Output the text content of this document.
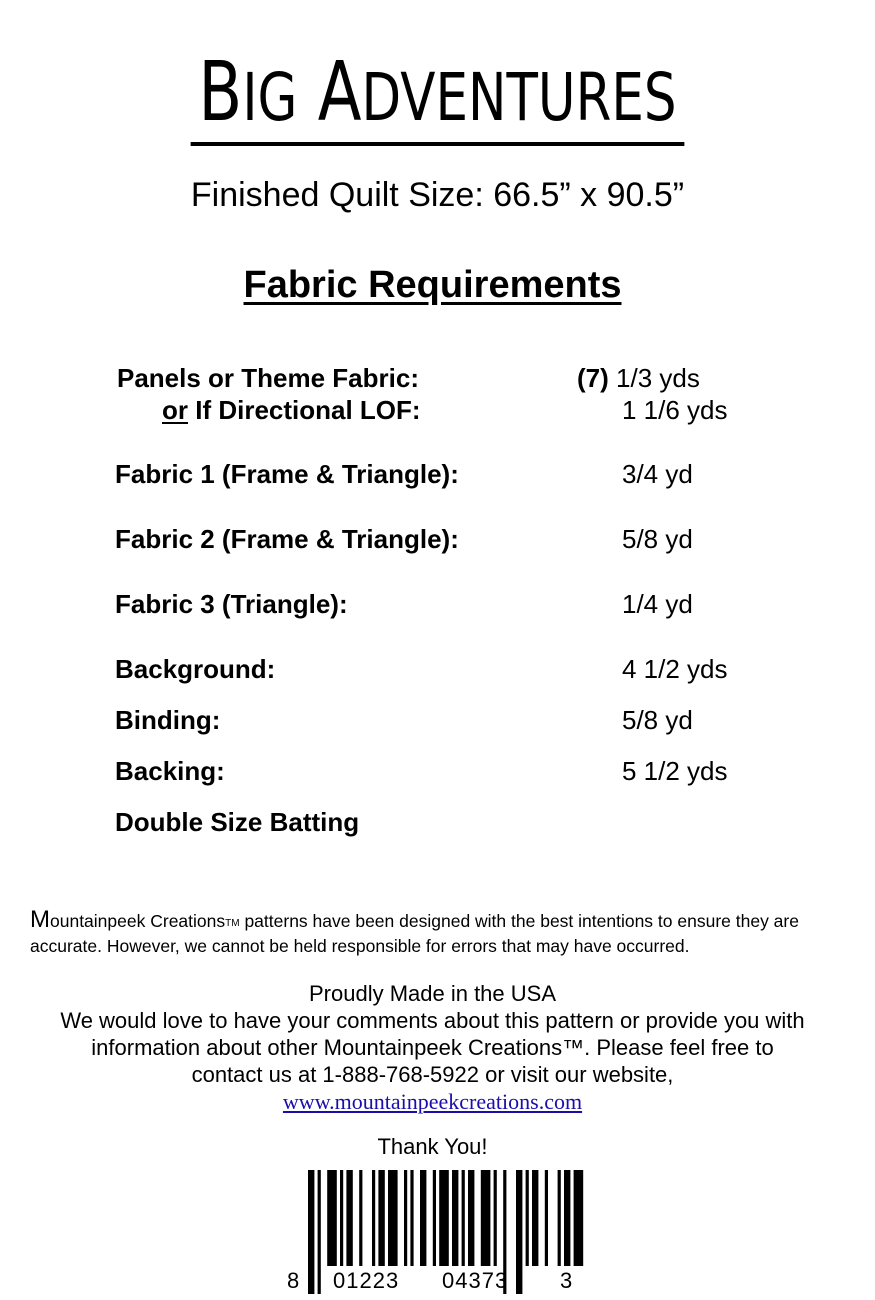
BIG ADVENTURES
Finished Quilt Size: 66.5” x 90.5”
Fabric Requirements
Panels or Theme Fabric:	(7) 1/3 yds
or If Directional LOF:	1 1/6 yds
Fabric 1 (Frame & Triangle):	3/4 yd
Fabric 2 (Frame & Triangle):	5/8 yd
Fabric 3 (Triangle):	1/4 yd
Background:	4 1/2 yds
Binding:	5/8 yd
Backing:	5 1/2 yds
Double Size Batting
Mountainpeek Creations™ patterns have been designed with the best intentions to ensure they are accurate. However, we cannot be held responsible for errors that may have occurred.
Proudly Made in the USA
We would love to have your comments about this pattern or provide you with
information about other Mountainpeek Creations™. Please feel free to
contact us at 1-888-768-5922 or visit our website,
www.mountainpeekcreations.com
Thank You!
8 01223 04373 3
